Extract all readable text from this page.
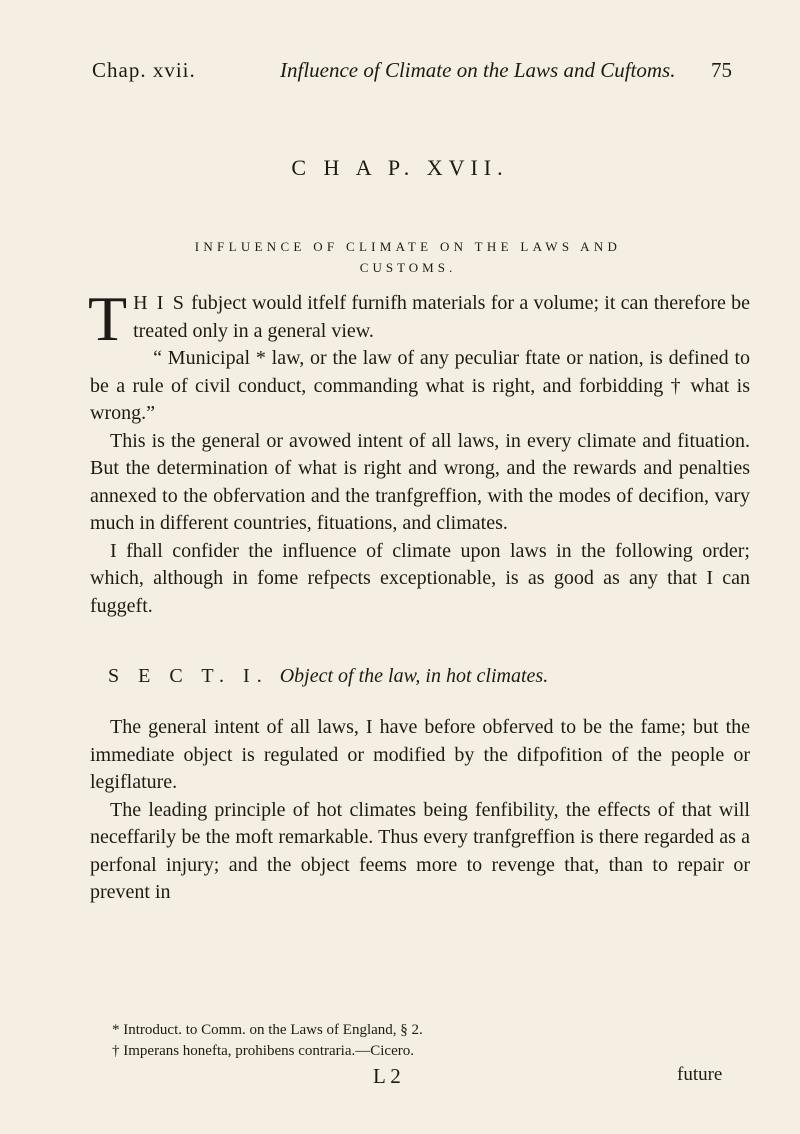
Chap. xvii.	Influence of Climate on the Laws and Cuftoms. 75
C H A P. XVII.
INFLUENCE OF CLIMATE ON THE LAWS AND
CUSTOMS.

T H I S fubject would itfelf furnifh materials for a volume; it can therefore be treated only in a general view.

“ Municipal * law, or the law of any peculiar ftate or nation, is defined to be a rule of civil conduct, commanding what is right, and forbidding † what is wrong.”

This is the general or avowed intent of all laws, in every climate and fituation. But the determination of what is right and wrong, and the rewards and penalties annexed to the obfervation and the tranfgreffion, with the modes of decifion, vary much in different countries, fituations, and climates.

I fhall confider the influence of climate upon laws in the following order; which, although in fome refpects exceptionable, is as good as any that I can fuggeft.

S E C T. I. Object of the law, in hot climates.

The general intent of all laws, I have before obferved to be the fame; but the immediate object is regulated or modified by the difpofition of the people or legiflature.

The leading principle of hot climates being fenfibility, the effects of that will neceffarily be the moft remarkable. Thus every tranfgreffion is there regarded as a perfonal injury; and the object feems more to revenge that, than to repair or prevent in

* Introduct. to Comm. on the Laws of England, § 2.

† Imperans honefta, prohibens contraria.—Cicero.

L 2	future
